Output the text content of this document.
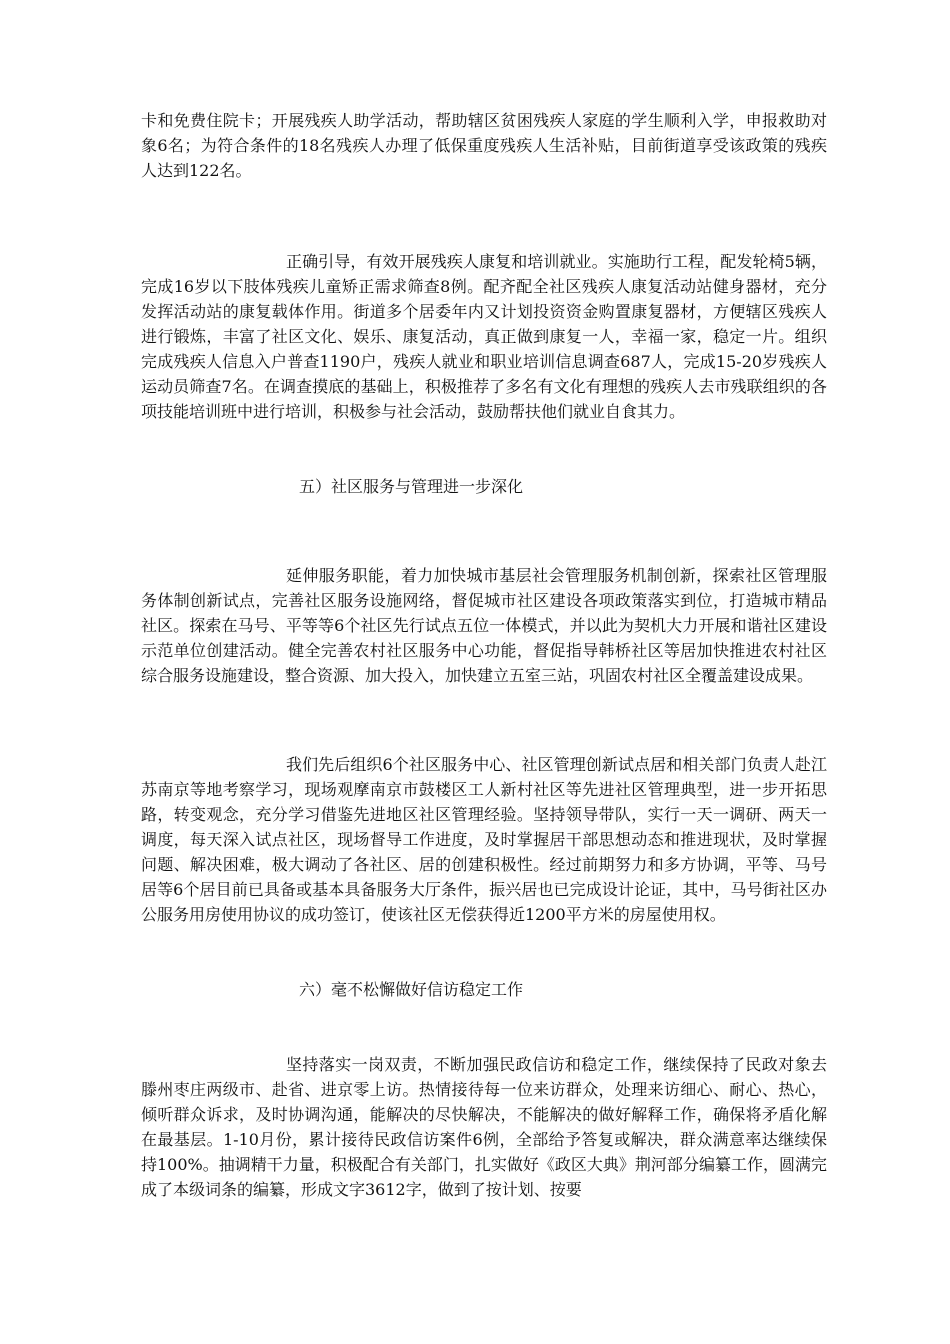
卡和免费住院卡；开展残疾人助学活动，帮助辖区贫困残疾人家庭的学生顺利入学，申报救助对象6名；为符合条件的18名残疾人办理了低保重度残疾人生活补贴，目前街道享受该政策的残疾人达到122名。

正确引导，有效开展残疾人康复和培训就业。实施助行工程，配发轮椅5辆，完成16岁以下肢体残疾儿童矫正需求筛查8例。配齐配全社区残疾人康复活动站健身器材，充分发挥活动站的康复载体作用。街道多个居委年内又计划投资资金购置康复器材，方便辖区残疾人进行锻炼，丰富了社区文化、娱乐、康复活动，真正做到康复一人，幸福一家，稳定一片。组织完成残疾人信息入户普查1190户，残疾人就业和职业培训信息调查687人，完成15-20岁残疾人运动员筛查7名。在调查摸底的基础上，积极推荐了多名有文化有理想的残疾人去市残联组织的各项技能培训班中进行培训，积极参与社会活动，鼓励帮扶他们就业自食其力。

五）社区服务与管理进一步深化

延伸服务职能，着力加快城市基层社会管理服务机制创新，探索社区管理服务体制创新试点，完善社区服务设施网络，督促城市社区建设各项政策落实到位，打造城市精品社区。探索在马号、平等等6个社区先行试点五位一体模式，并以此为契机大力开展和谐社区建设示范单位创建活动。健全完善农村社区服务中心功能，督促指导韩桥社区等居加快推进农村社区综合服务设施建设，整合资源、加大投入，加快建立五室三站，巩固农村社区全覆盖建设成果。

我们先后组织6个社区服务中心、社区管理创新试点居和相关部门负责人赴江苏南京等地考察学习，现场观摩南京市鼓楼区工人新村社区等先进社区管理典型，进一步开拓思路，转变观念，充分学习借鉴先进地区社区管理经验。坚持领导带队，实行一天一调研、两天一调度，每天深入试点社区，现场督导工作进度，及时掌握居干部思想动态和推进现状，及时掌握问题、解决困难，极大调动了各社区、居的创建积极性。经过前期努力和多方协调，平等、马号居等6个居目前已具备或基本具备服务大厅条件，振兴居也已完成设计论证，其中，马号街社区办公服务用房使用协议的成功签订，使该社区无偿获得近1200平方米的房屋使用权。

六）毫不松懈做好信访稳定工作

坚持落实一岗双责，不断加强民政信访和稳定工作，继续保持了民政对象去滕州枣庄两级市、赴省、进京零上访。热情接待每一位来访群众，处理来访细心、耐心、热心，倾听群众诉求，及时协调沟通，能解决的尽快解决，不能解决的做好解释工作，确保将矛盾化解在最基层。1-10月份，累计接待民政信访案件6例，全部给予答复或解决，群众满意率达继续保持100%。抽调精干力量，积极配合有关部门，扎实做好《政区大典》荆河部分编纂工作，圆满完成了本级词条的编纂，形成文字3612字，做到了按计划、按要
